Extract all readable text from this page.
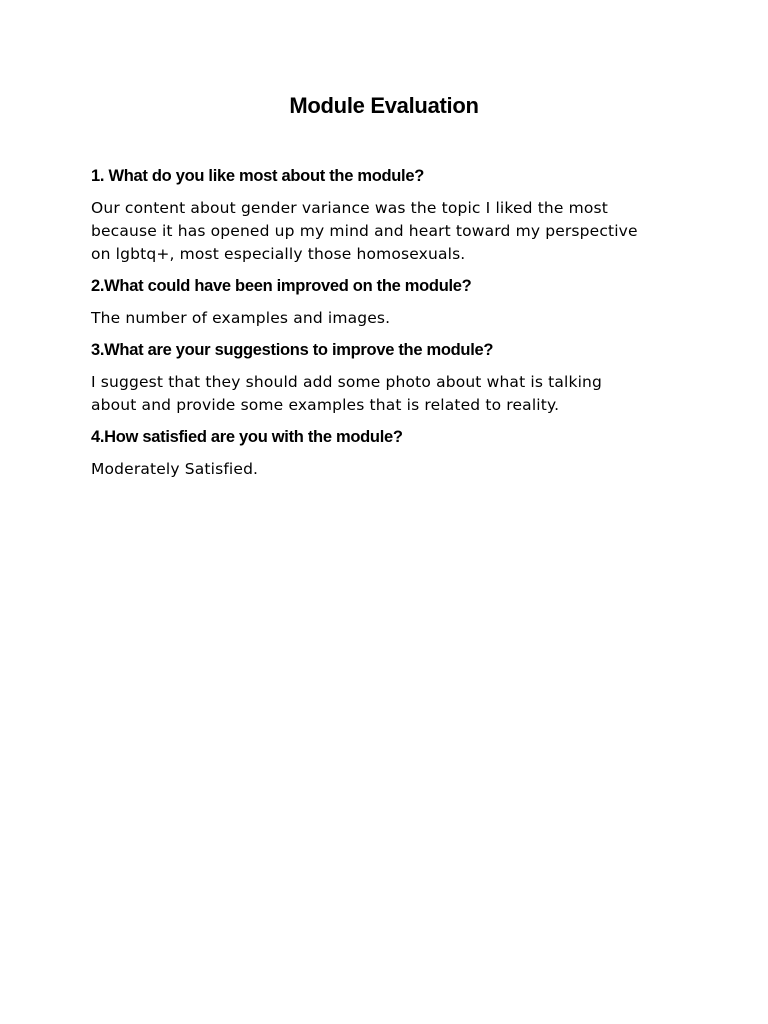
Module Evaluation

1. What do you like most about the module?

Our content about gender variance was the topic I liked the most
because it has opened up my mind and heart toward my perspective
on lgbtq+, most especially those homosexuals.

2.What could have been improved on the module?

The number of examples and images.

3.What are your suggestions to improve the module?

I suggest that they should add some photo about what is talking
about and provide some examples that is related to reality.

4.How satisfied are you with the module?

Moderately Satisfied.
